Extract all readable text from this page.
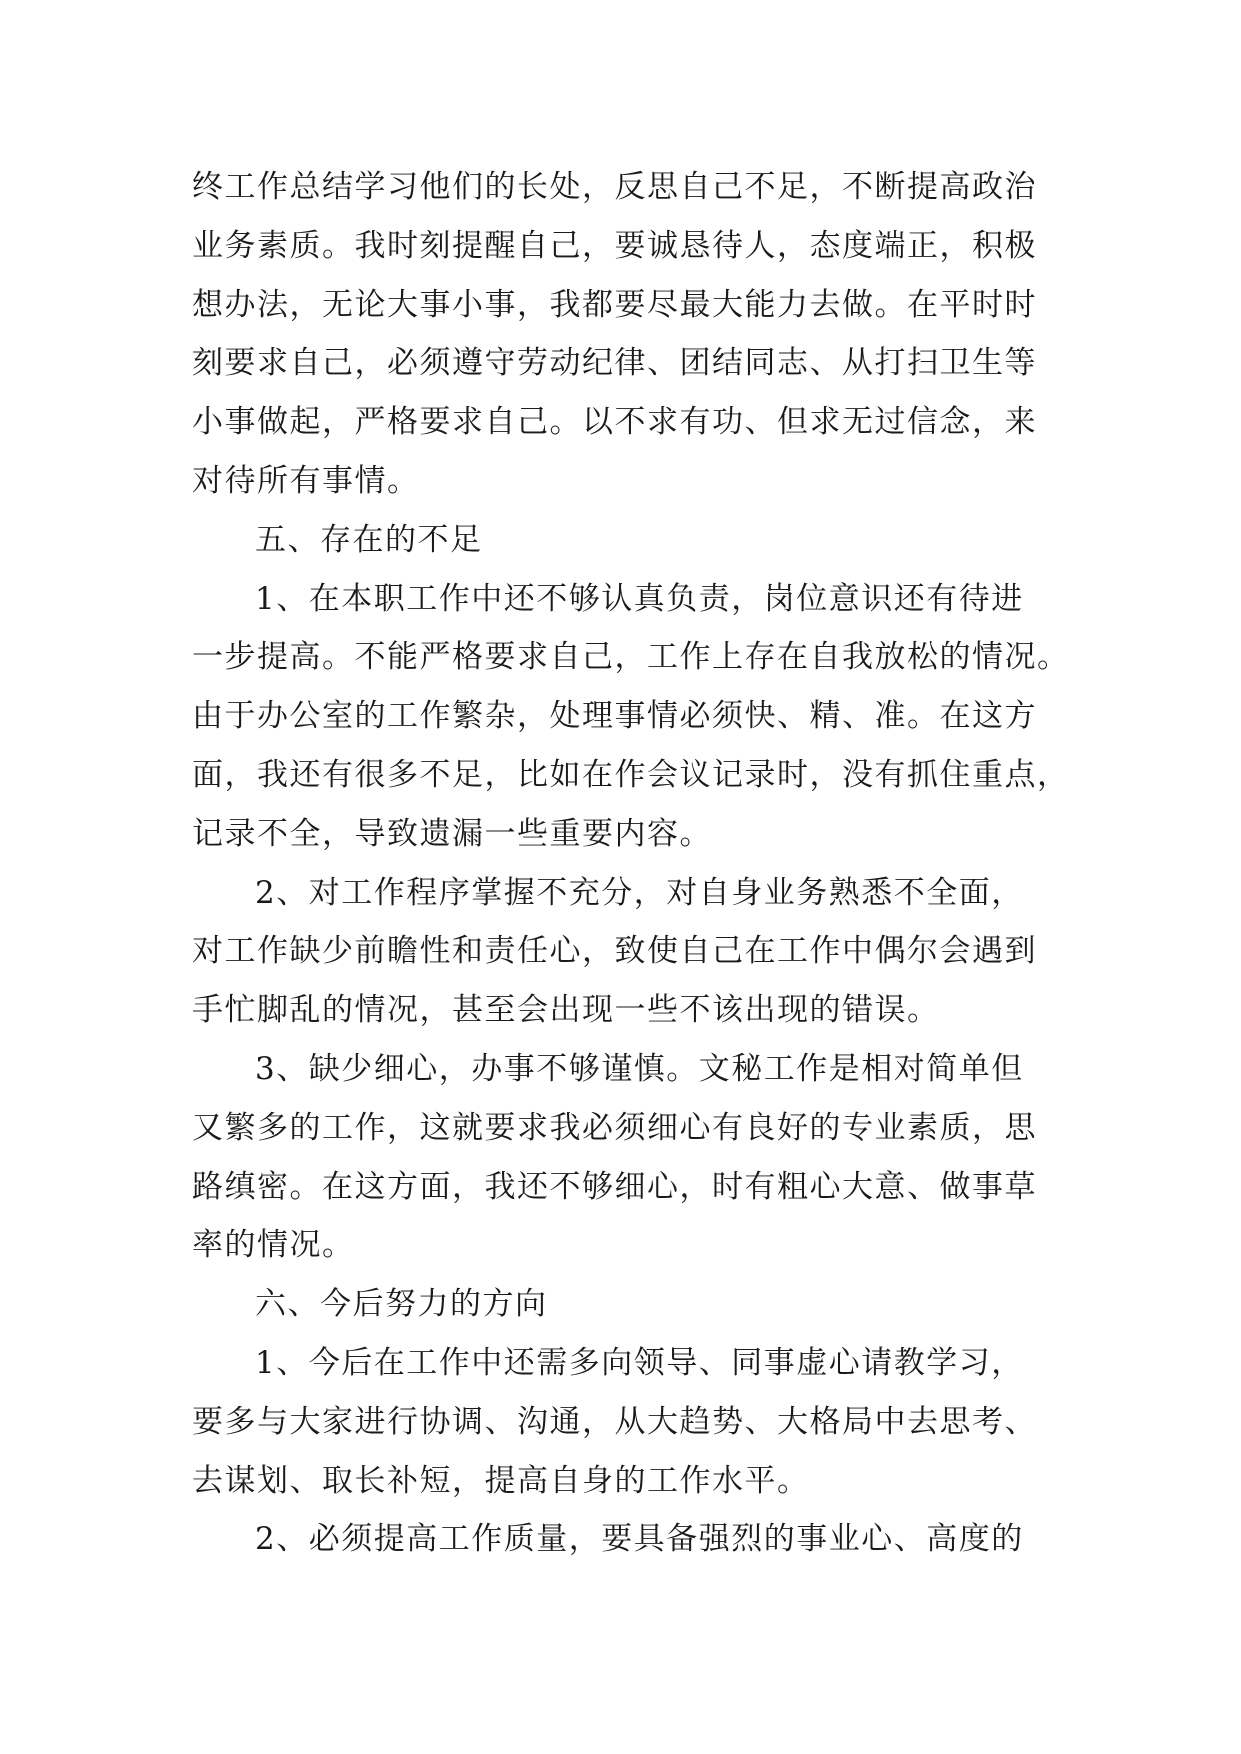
终工作总结学习他们的长处，反思自己不足，不断提高政治
业务素质。我时刻提醒自己，要诚恳待人，态度端正，积极
想办法，无论大事小事，我都要尽最大能力去做。在平时时
刻要求自己，必须遵守劳动纪律、团结同志、从打扫卫生等
小事做起，严格要求自己。以不求有功、但求无过信念，来
对待所有事情。
五、存在的不足
1、在本职工作中还不够认真负责，岗位意识还有待进
一步提高。不能严格要求自己，工作上存在自我放松的情况。
由于办公室的工作繁杂，处理事情必须快、精、准。在这方
面，我还有很多不足，比如在作会议记录时，没有抓住重点，
记录不全，导致遗漏一些重要内容。
2、对工作程序掌握不充分，对自身业务熟悉不全面，
对工作缺少前瞻性和责任心，致使自己在工作中偶尔会遇到
手忙脚乱的情况，甚至会出现一些不该出现的错误。
3、缺少细心，办事不够谨慎。文秘工作是相对简单但
又繁多的工作，这就要求我必须细心有良好的专业素质，思
路缜密。在这方面，我还不够细心，时有粗心大意、做事草
率的情况。
六、今后努力的方向
1、今后在工作中还需多向领导、同事虚心请教学习，
要多与大家进行协调、沟通，从大趋势、大格局中去思考、
去谋划、取长补短，提高自身的工作水平。
2、必须提高工作质量，要具备强烈的事业心、高度的
